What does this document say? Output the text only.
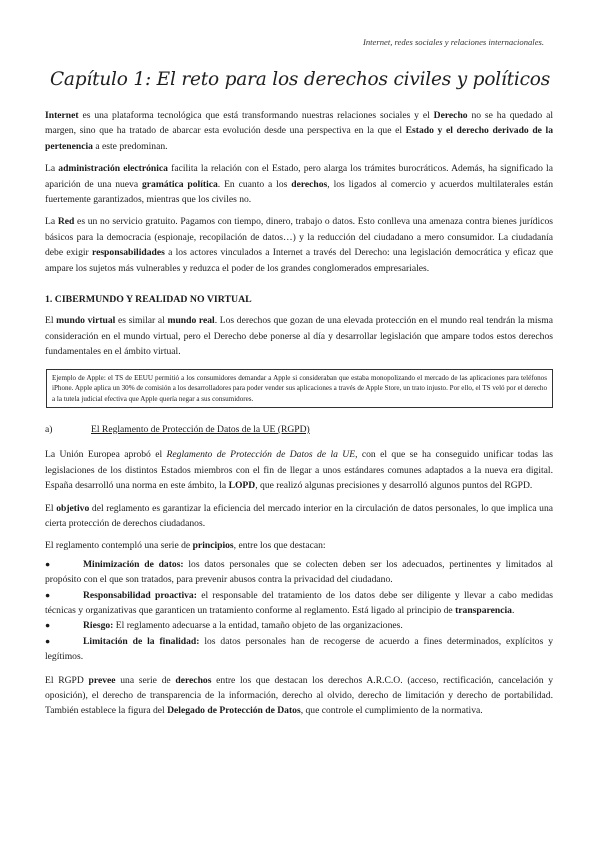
Internet, redes sociales y relaciones internacionales.
Capítulo 1: El reto para los derechos civiles y políticos

Internet es una plataforma tecnológica que está transformando nuestras relaciones sociales y el Derecho no se ha quedado al margen, sino que ha tratado de abarcar esta evolución desde una perspectiva en la que el Estado y el derecho derivado de la pertenencia a este predominan.

La administración electrónica facilita la relación con el Estado, pero alarga los trámites burocráticos. Además, ha significado la aparición de una nueva gramática política. En cuanto a los derechos, los ligados al comercio y acuerdos multilaterales están fuertemente garantizados, mientras que los civiles no.

La Red es un no servicio gratuito. Pagamos con tiempo, dinero, trabajo o datos. Esto conlleva una amenaza contra bienes jurídicos básicos para la democracia (espionaje, recopilación de datos…) y la reducción del ciudadano a mero consumidor. La ciudadanía debe exigir responsabilidades a los actores vinculados a Internet a través del Derecho: una legislación democrática y eficaz que ampare los sujetos más vulnerables y reduzca el poder de los grandes conglomerados empresariales.

1. CIBERMUNDO Y REALIDAD NO VIRTUAL

El mundo virtual es similar al mundo real. Los derechos que gozan de una elevada protección en el mundo real tendrán la misma consideración en el mundo virtual, pero el Derecho debe ponerse al día y desarrollar legislación que ampare todos estos derechos fundamentales en el ámbito virtual.

Ejemplo de Apple: el TS de EEUU permitió a los consumidores demandar a Apple si consideraban que estaba monopolizando el mercado de las aplicaciones para teléfonos iPhone. Apple aplica un 30% de comisión a los desarrolladores para poder vender sus aplicaciones a través de Apple Store, un trato injusto. Por ello, el TS veló por el derecho a la tutela judicial efectiva que Apple quería negar a sus consumidores.
a)	El Reglamento de Protección de Datos de la UE (RGPD)

La Unión Europea aprobó el Reglamento de Protección de Datos de la UE, con el que se ha conseguido unificar todas las legislaciones de los distintos Estados miembros con el fin de llegar a unos estándares comunes adaptados a la nueva era digital. España desarrolló una norma en este ámbito, la LOPD, que realizó algunas precisiones y desarrolló algunos puntos del RGPD.

El objetivo del reglamento es garantizar la eficiencia del mercado interior en la circulación de datos personales, lo que implica una cierta protección de derechos ciudadanos.

El reglamento contempló una serie de principios, entre los que destacan:

●	Minimización de datos: los datos personales que se colecten deben ser los adecuados, pertinentes y limitados al propósito con el que son tratados, para prevenir abusos contra la privacidad del ciudadano.
●	Responsabilidad proactiva: el responsable del tratamiento de los datos debe ser diligente y llevar a cabo medidas técnicas y organizativas que garanticen un tratamiento conforme al reglamento. Está ligado al principio de transparencia.
●	Riesgo: El reglamento adecuarse a la entidad, tamaño objeto de las organizaciones.
●	Limitación de la finalidad: los datos personales han de recogerse de acuerdo a fines determinados, explícitos y legítimos.

El RGPD prevee una serie de derechos entre los que destacan los derechos A.R.C.O. (acceso, rectificación, cancelación y oposición), el derecho de transparencia de la información, derecho al olvido, derecho de limitación y derecho de portabilidad. También establece la figura del Delegado de Protección de Datos, que controle el cumplimiento de la normativa.
